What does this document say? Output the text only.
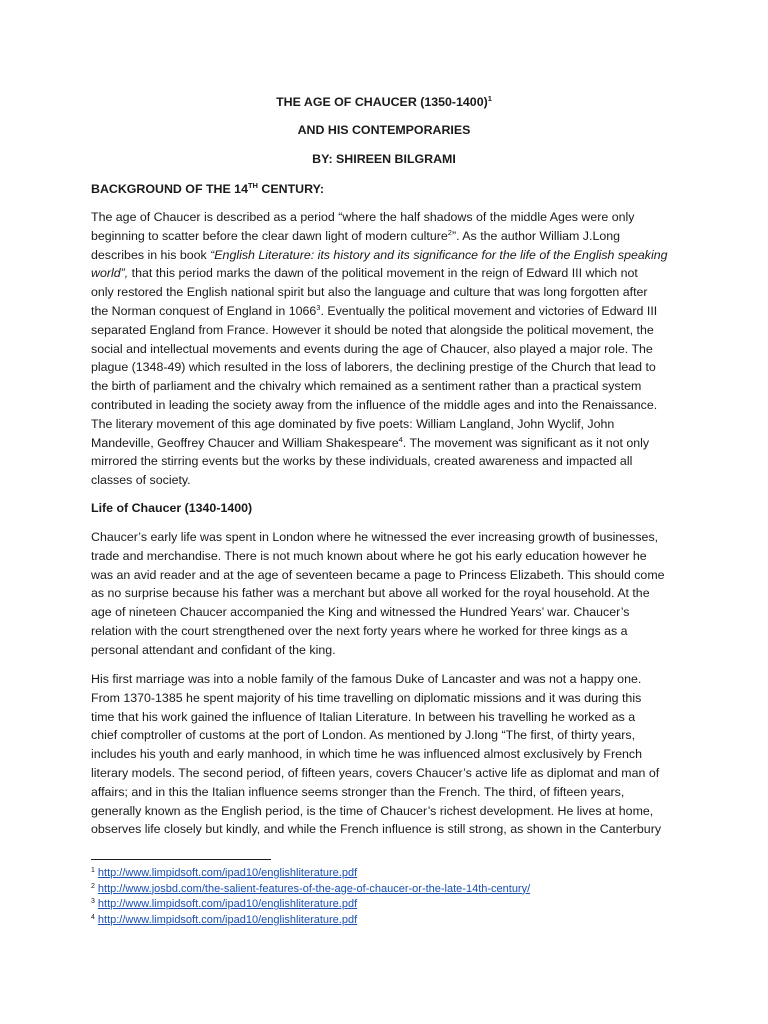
THE AGE OF CHAUCER (1350-1400)$^1$
AND HIS CONTEMPORARIES
BY: SHIREEN BILGRAMI
BACKGROUND OF THE 14TH CENTURY:
The age of Chaucer is described as a period “where the half shadows of the middle Ages were only
beginning to scatter before the clear dawn light of modern culture$^2$”. As the author William J.Long
describes in his book “English Literature: its history and its significance for the life of the English speaking
world”, that this period marks the dawn of the political movement in the reign of Edward III which not
only restored the English national spirit but also the language and culture that was long forgotten after
the Norman conquest of England in 1066$^3$. Eventually the political movement and victories of Edward III
separated England from France. However it should be noted that alongside the political movement, the
social and intellectual movements and events during the age of Chaucer, also played a major role. The
plague (1348-49) which resulted in the loss of laborers, the declining prestige of the Church that lead to
the birth of parliament and the chivalry which remained as a sentiment rather than a practical system
contributed in leading the society away from the influence of the middle ages and into the Renaissance.
The literary movement of this age dominated by five poets: William Langland, John Wyclif, John
Mandeville, Geoffrey Chaucer and William Shakespeare$^4$. The movement was significant as it not only
mirrored the stirring events but the works by these individuals, created awareness and impacted all
classes of society.
Life of Chaucer (1340-1400)
Chaucer’s early life was spent in London where he witnessed the ever increasing growth of businesses,
trade and merchandise. There is not much known about where he got his early education however he
was an avid reader and at the age of seventeen became a page to Princess Elizabeth. This should come
as no surprise because his father was a merchant but above all worked for the royal household. At the
age of nineteen Chaucer accompanied the King and witnessed the Hundred Years’ war. Chaucer’s
relation with the court strengthened over the next forty years where he worked for three kings as a
personal attendant and confidant of the king.
His first marriage was into a noble family of the famous Duke of Lancaster and was not a happy one.
From 1370-1385 he spent majority of his time travelling on diplomatic missions and it was during this
time that his work gained the influence of Italian Literature. In between his travelling he worked as a
chief comptroller of customs at the port of London. As mentioned by J.long “The first, of thirty years,
includes his youth and early manhood, in which time he was influenced almost exclusively by French
literary models. The second period, of fifteen years, covers Chaucer’s active life as diplomat and man of
affairs; and in this the Italian influence seems stronger than the French. The third, of fifteen years,
generally known as the English period, is the time of Chaucer’s richest development. He lives at home,
observes life closely but kindly, and while the French influence is still strong, as shown in the Canterbury
$^1$ http://www.limpidsoft.com/ipad10/englishliterature.pdf
$^2$ http://www.josbd.com/the-salient-features-of-the-age-of-chaucer-or-the-late-14th-century/
$^3$ http://www.limpidsoft.com/ipad10/englishliterature.pdf
$^4$ http://www.limpidsoft.com/ipad10/englishliterature.pdf
